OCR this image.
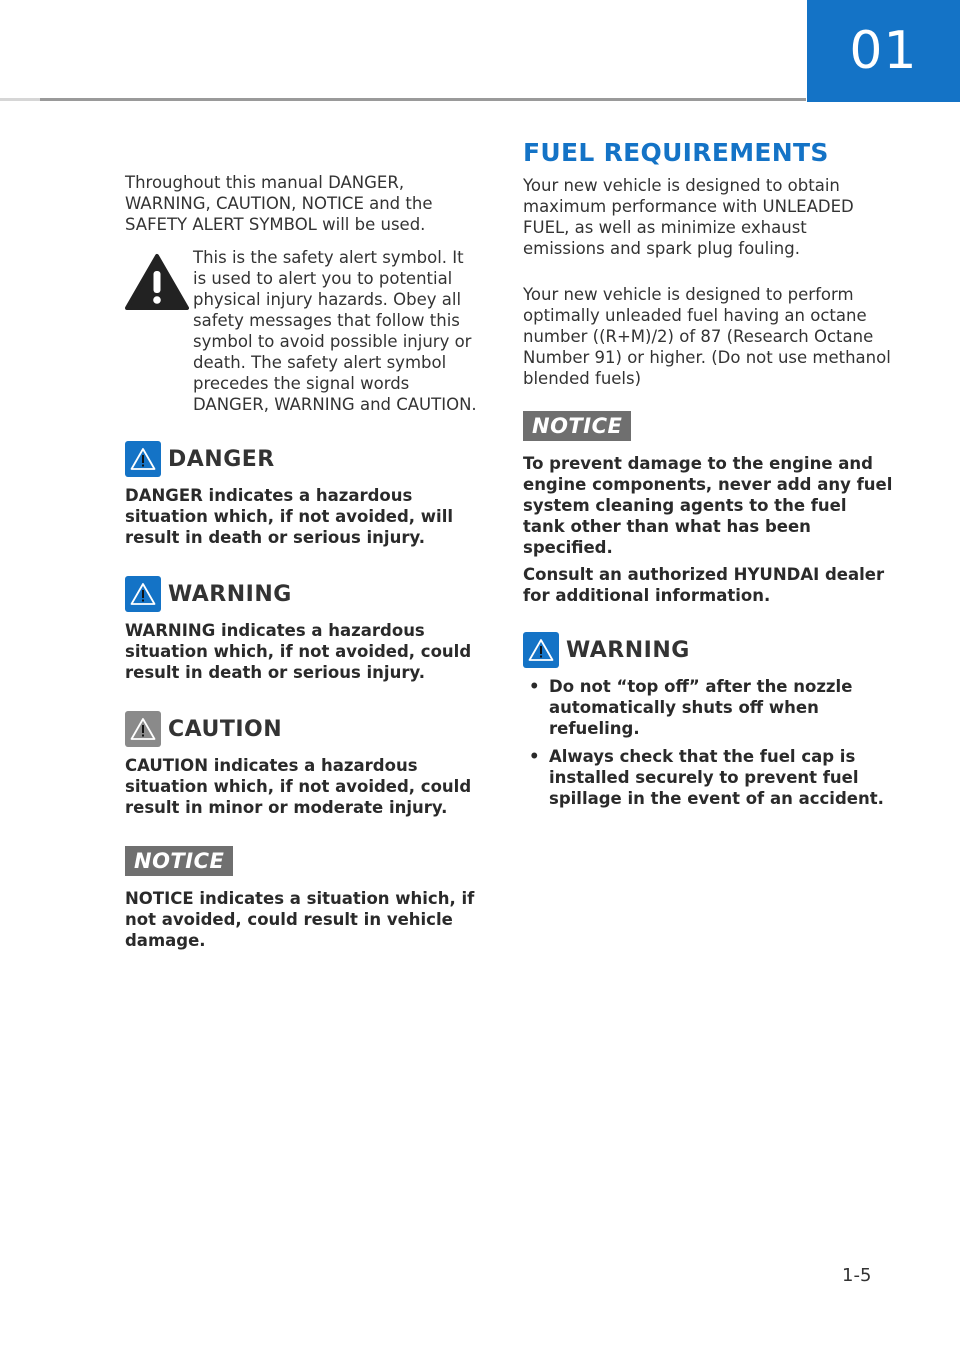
01

Throughout this manual DANGER, WARNING, CAUTION, NOTICE and the SAFETY ALERT SYMBOL will be used.

This is the safety alert symbol. It is used to alert you to potential physical injury hazards. Obey all safety messages that follow this symbol to avoid possible injury or death. The safety alert symbol precedes the signal words DANGER, WARNING and CAUTION.

DANGER

DANGER indicates a hazardous situation which, if not avoided, will result in death or serious injury.

WARNING

WARNING indicates a hazardous situation which, if not avoided, could result in death or serious injury.

CAUTION

CAUTION indicates a hazardous situation which, if not avoided, could result in minor or moderate injury.

NOTICE

NOTICE indicates a situation which, if not avoided, could result in vehicle damage.

FUEL REQUIREMENTS

Your new vehicle is designed to obtain maximum performance with UNLEADED FUEL, as well as minimize exhaust emissions and spark plug fouling.

Your new vehicle is designed to perform optimally unleaded fuel having an octane number ((R+M)/2) of 87 (Research Octane Number 91) or higher. (Do not use methanol blended fuels)

NOTICE

To prevent damage to the engine and engine components, never add any fuel system cleaning agents to the fuel tank other than what has been specified.

Consult an authorized HYUNDAI dealer for additional information.

WARNING
• Do not “top off” after the nozzle automatically shuts off when refueling.
• Always check that the fuel cap is installed securely to prevent fuel spillage in the event of an accident.
1-5
